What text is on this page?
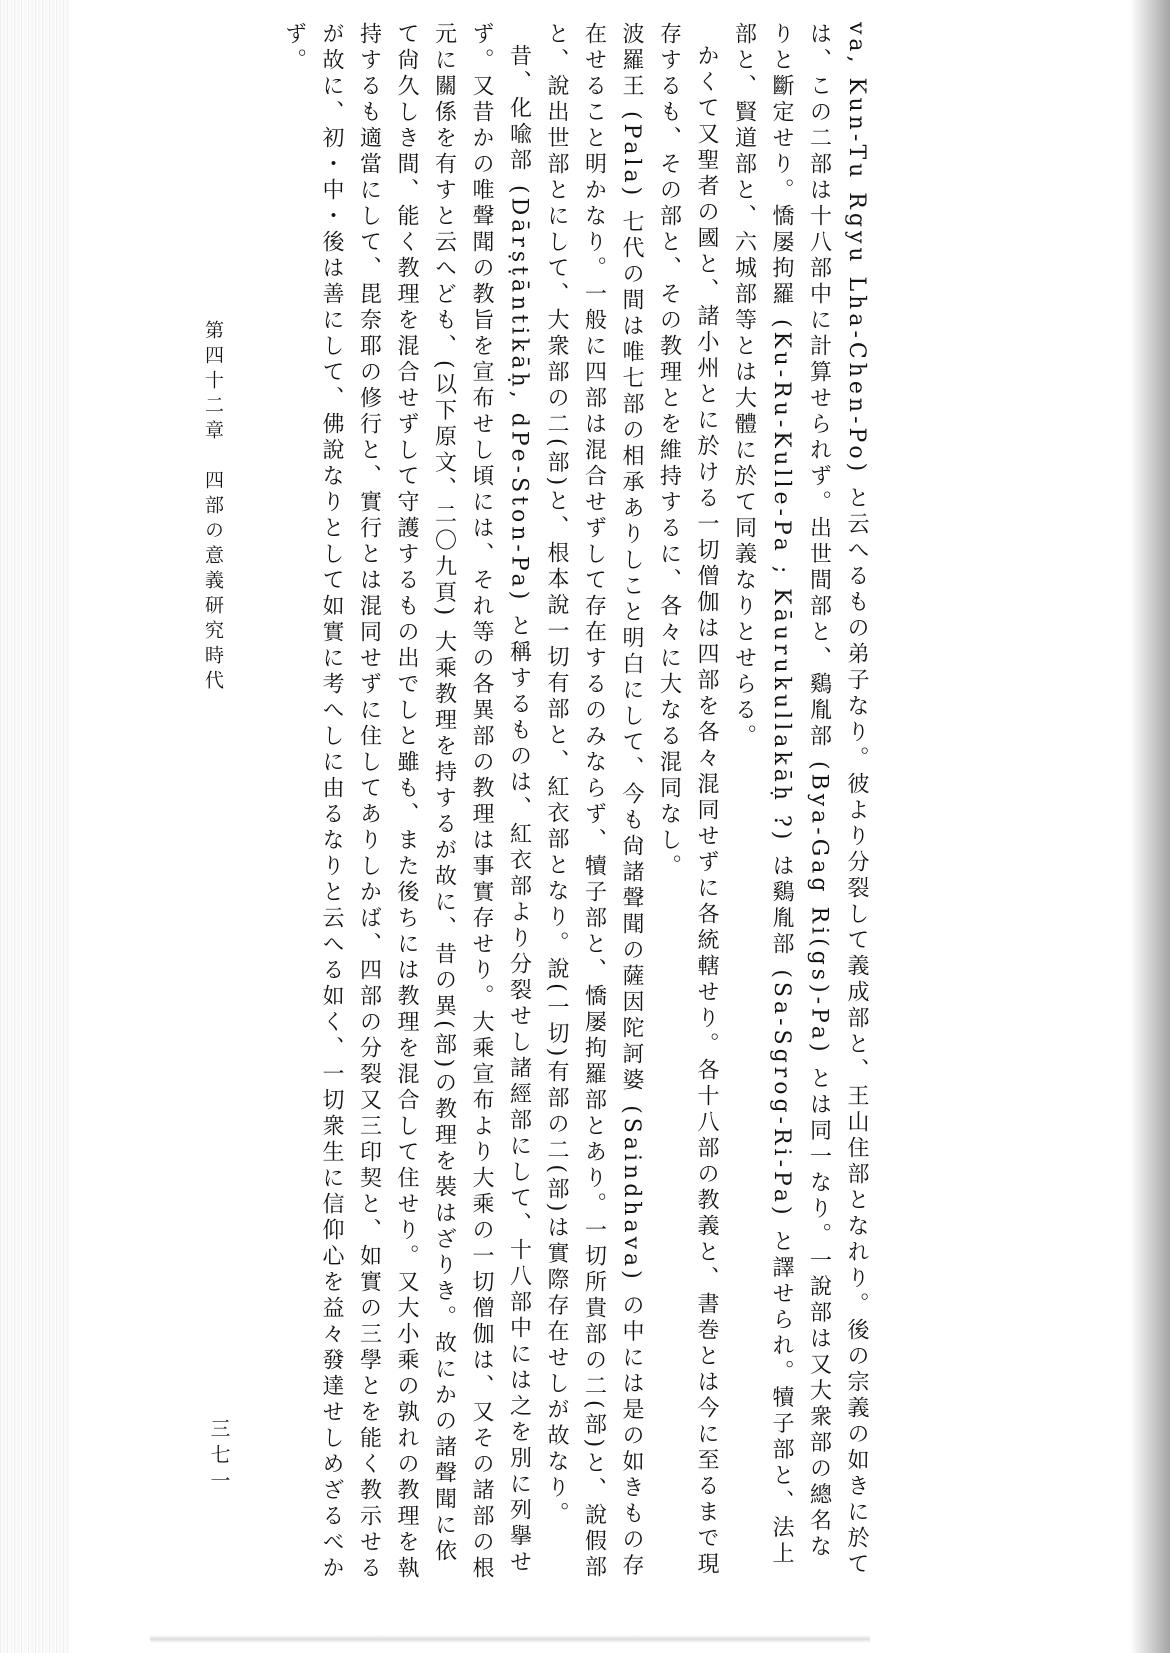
va, Kun-Tu Rgyu Lha-Chen-Po) と云へるもの弟子なり。彼より分裂して義成部と、王山住部となれり。後の宗義の如きに於ては、この二部は十八部中に計算せられず。出世間部と、鷄胤部 (Bya-Gag Ri(gs)-Pa) とは同一なり。一說部は又大衆部の總名なりと斷定せり。憍屡拘羅 (Ku-Ru-Kulle-Pa ; Kāurukullakāḥ ?) は鷄胤部 (Sa-Sgrog-Ri-Pa) と譯せられ。犢子部と、法上部と、賢道部と、六城部等とは大體に於て同義なりとせらる。

かくて又聖者の國と、諸小州とに於ける一切僧伽は四部を各々混同せずに各統轄せり。各十八部の教義と、書巻とは今に至るまで現存するも、その部と、その教理とを維持するに、各々に大なる混同なし。

波羅王 (Pala) 七代の間は唯七部の相承ありしこと明白にして、今も尙諸聲聞の薩因陀訶婆 (Saindhava) の中には是の如きもの存在せること明かなり。一般に四部は混合せずして存在するのみならず、犢子部と、憍屡拘羅部とあり。一切所貴部の二(部)と、說假部と、說出世部とにして、大衆部の二(部)と、根本說一切有部と、紅衣部となり。說(一切)有部の二(部)は實際存在せしが故なり。

昔、化喩部 (Dārṣṭāntikāḥ, dPe-Ston-Pa) と稱するものは、紅衣部より分裂せし諸經部にして、十八部中には之を別に列擧せず。又昔かの唯聲聞の教旨を宣布せし頃には、それ等の各異部の教理は事實存せり。大乘宣布より大乘の一切僧伽は、又その諸部の根元に關係を有すと云へども、(以下原文、二〇九頁) 大乘教理を持するが故に、昔の異(部)の教理を裝はざりき。故にかの諸聲聞に依て尙久しき間、能く教理を混合せずして守護するもの出でしと雖も、また後ちには教理を混合して住せり。又大小乘の孰れの教理を執持するも適當にして、毘奈耶の修行と、實行とは混同せずに住してありしかば、四部の分裂又三印契と、如實の三學とを能く教示せるが故に、初・中・後は善にして、佛說なりとして如實に考へしに由るなりと云へる如く、一切衆生に信仰心を益々發達せしめざるべかず。

第四十二章　四部の意義研究時代
三七一
